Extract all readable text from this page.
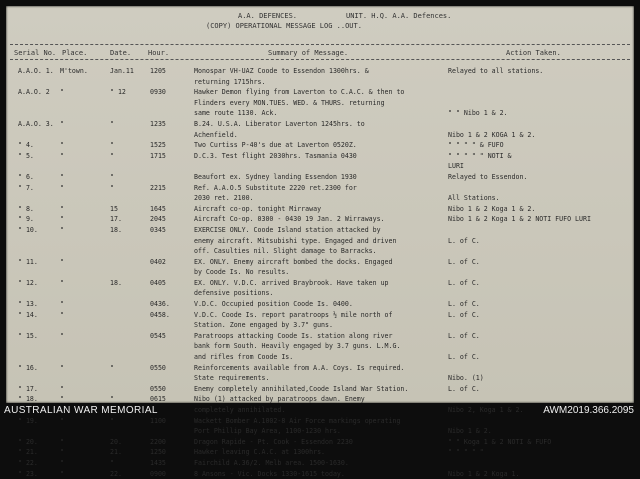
A.A. DEFENCES.	UNIT. H.Q. A.A. Defences.
(COPY) OPERATIONAL MESSAGE LOG ..OUT.
Serial No. Place.	Date. Hour.	Summary of Message.	Action Taken.
A.A.O. 1. M'town.	Jan.11	1205	Monospar VH-UAZ Coode to Essendon 1300hrs. &	Relayed to all stations.
returning 1715hrs.
A.A.O. 2	"	" 12	0930	Hawker Demon flying from Laverton to C.A.C. & then to
Flinders every MON.TUES. WED. & THURS. returning
same route 1130. Ack.	" " Nibo 1 & 2.
A.A.O. 3. "	"	1235	B.24. U.S.A. Liberator Laverton 1245hrs. to
Achenfield.	Nibo 1 & 2 KOGA 1 & 2.
" 4.	"	"	1525	Two Curtiss P-40's due at Laverton 0520Z.	" " " " & FUFO
" 5.	"	"	1715	D.C.3. Test flight 2030hrs. Tasmania 0430	" " " " " NOTI &
LURI
" 6.	"	"	Beaufort ex. Sydney landing Essendon 1930	Relayed to Essendon.
" 7.	"	"	2215	Ref. A.A.O.5 Substitute 2220 ret.2300 for
2030 ret. 2100.	All Stations.
" 8.	"	15	1645	Aircraft co-op. tonight Mirraway	Nibo 1 & 2 Koga 1 & 2.
" 9.	"	17.	2045	Aircraft Co-op. 0300 - 0430 19 Jan. 2 Wirraways.	Nibo 1 & 2 Koga 1 & 2 NOTI FUFO LURI
" 10.	"	18.	0345	EXERCISE ONLY. Coode Island station attacked by
enemy aircraft. Mitsubishi type. Engaged and driven	L. of C.
off. Casulties nil. Slight damage to Barracks.
" 11.	"	0402	EX. ONLY. Enemy aircraft bombed the docks. Engaged	L. of C.
by Coode Is. No results.
" 12.	"	18.	0405	EX. ONLY. V.D.C. arrived Braybrook. Have taken up	L. of C.
defensive positions.
" 13.	"	0436.	V.D.C. Occupied position Coode Is. 0400.	L. of C.
" 14.	"	0458.	V.D.C. Coode Is. report paratroops ½ mile north of	L. of C.
Station. Zone engaged by 3.7" guns.
" 15.	"	0545	Paratroops attacking Coode Is. station along river	L. of C.
bank form South. Heavily engaged by 3.7 guns. L.M.G.
and rifles from Coode Is.	L. of C.
" 16.	"	"	0550	Reinforcements available from A.A. Coys. Is required.
State requirements.	Nibo. (1)
" 17.	"	0550	Enemy completely annihilated,Coode Island War Station.	L. of C.
" 18.	"	"	0615	Nibo (1) attacked by paratroops dawn. Enemy
completely annihilated.	Nibo 2, Koga 1 & 2.
" 19.	"	"	1100	Wackett Bomber A.1002-8 Air Force markings operating
Port Phillip Bay Area, 1100-1230 hrs.	Nibo 1 & 2.
" 20.	"	20.	2200	Dragon Rapide - Pt. Cook - Essendon 2230	" " Koga 1 & 2 NOTI & FUFO
" 21.	"	21.	1250	Hawker leaving C.A.C. at 1300hrs.	" " " " "
" 22.	"	"	1435	Fairchild A.36/2. Melb area. 1500-1630.
" 23.	"	22.	0900	8 Ansons - Vic. Docks 1330-1615 today.	Nibo 1 & 2 Koga 1.
AUSTRALIAN WAR MEMORIAL	AWM2019.366.2095
